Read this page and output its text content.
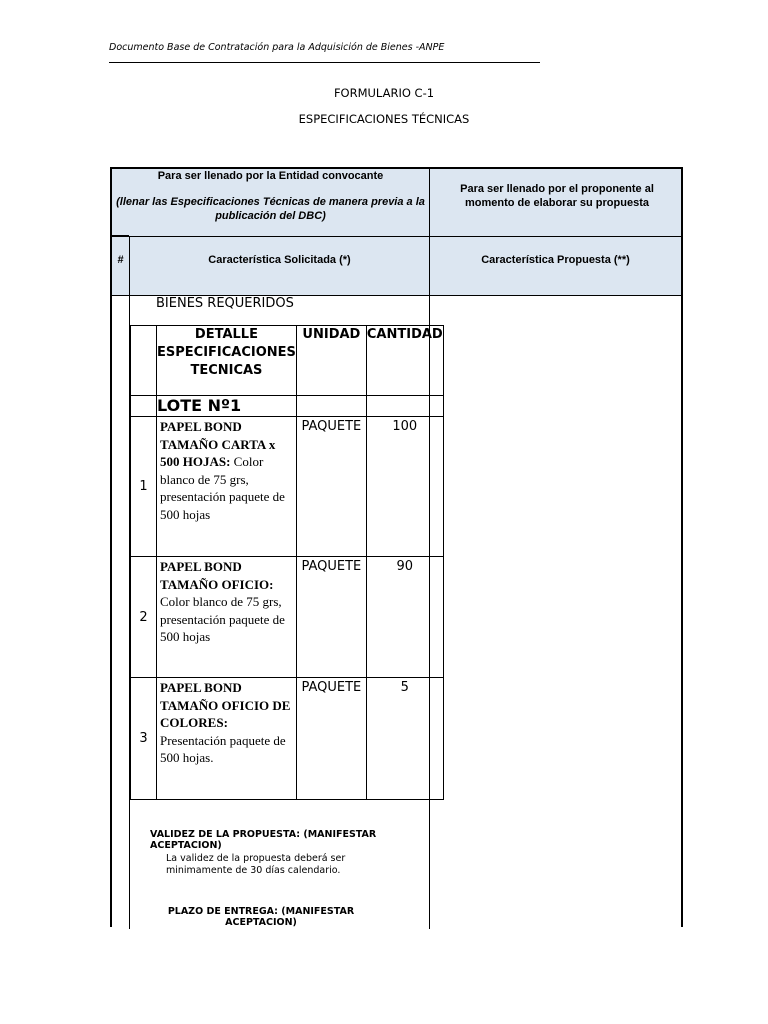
Documento Base de Contratación para la Adquisición de Bienes -ANPE
FORMULARIO C-1
ESPECIFICACIONES TÉCNICAS
Para ser llenado por la Entidad convocante
(llenar las Especificaciones Técnicas de manera previa a la publicación del DBC)
Para ser llenado por el proponente al momento de elaborar su propuesta
#	Característica Solicitada (*)	Característica Propuesta (**)
BIENES REQUERIDOS
	DETALLE ESPECIFICACIONES TECNICAS	UNIDAD	CANTIDAD
	LOTE Nº1		
1	PAPEL BOND TAMAÑO CARTA x 500 HOJAS: Color blanco de 75 grs, presentación paquete de 500 hojas	PAQUETE	100
2	PAPEL BOND TAMAÑO OFICIO: Color blanco de 75 grs, presentación paquete de 500 hojas	PAQUETE	90
3	PAPEL BOND TAMAÑO OFICIO DE COLORES: Presentación paquete de 500 hojas.	PAQUETE	5
VALIDEZ DE LA PROPUESTA: (MANIFESTAR ACEPTACION)
La validez de la propuesta deberá ser minimamente de 30 días calendario.
PLAZO DE ENTREGA: (MANIFESTAR ACEPTACION)
